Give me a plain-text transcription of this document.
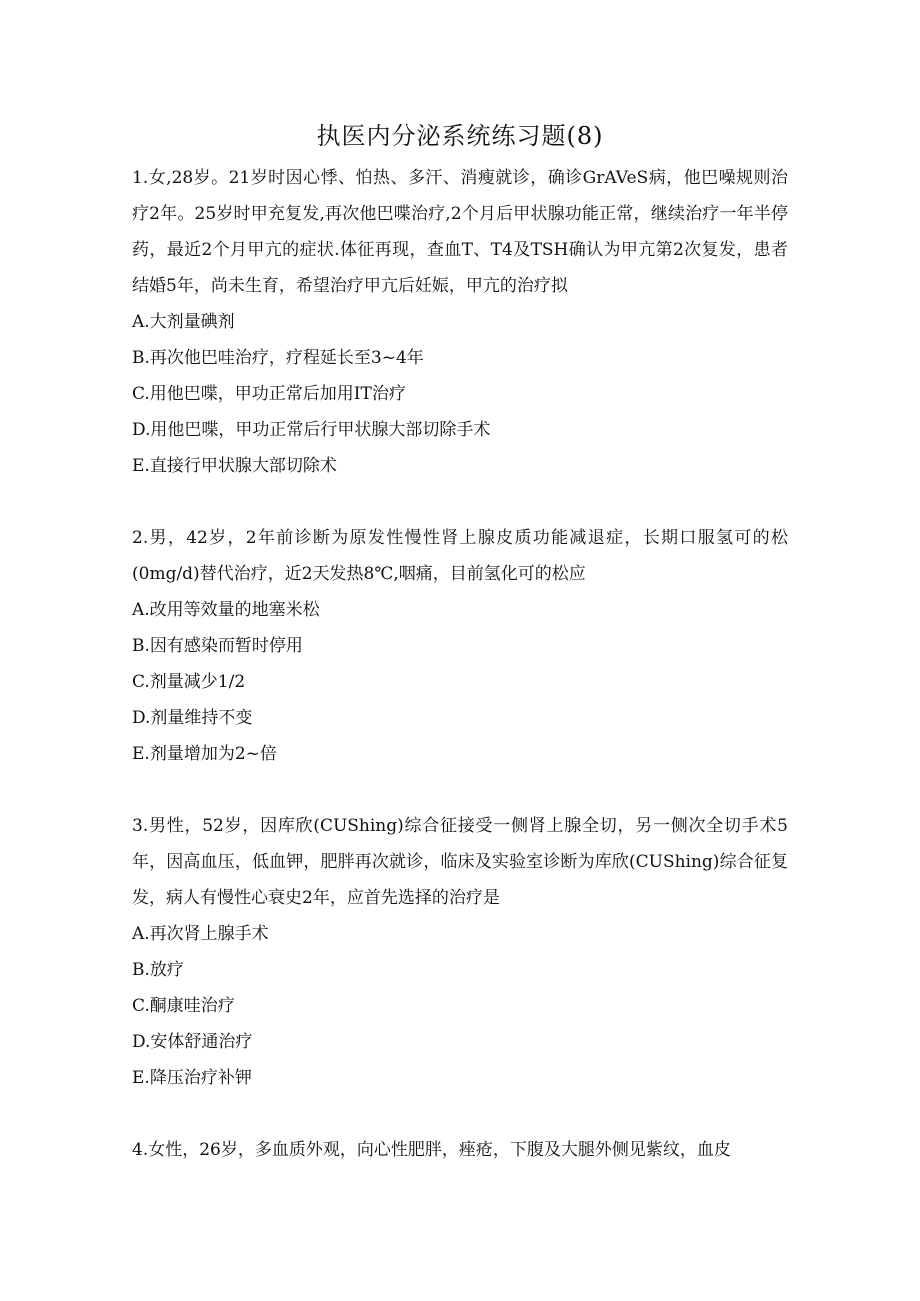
执医内分泌系统练习题(8)

1.女,28岁。21岁时因心悸、怕热、多汗、消瘦就诊，确诊GrAVeS病，他巴噪规则治疗2年。25岁时甲充复发,再次他巴喋治疗,2个月后甲状腺功能正常，继续治疗一年半停药，最近2个月甲亢的症状.体征再现，查血T、T4及TSH确认为甲亢第2次复发，患者结婚5年，尚未生育，希望治疗甲亢后妊娠，甲亢的治疗拟

A.大剂量碘剂

B.再次他巴哇治疗，疗程延长至3~4年

C.用他巴喋，甲功正常后加用IT治疗

D.用他巴喋，甲功正常后行甲状腺大部切除手术

E.直接行甲状腺大部切除术

2.男，42岁，2年前诊断为原发性慢性肾上腺皮质功能减退症，长期口服氢可的松(0mg/d)替代治疗，近2天发热8℃,咽痛，目前氢化可的松应

A.改用等效量的地塞米松

B.因有感染而暂时停用

C.剂量减少1/2

D.剂量维持不变

E.剂量增加为2~倍

3.男性，52岁，因库欣(CUShing)综合征接受一侧肾上腺全切，另一侧次全切手术5年，因高血压，低血钾，肥胖再次就诊，临床及实验室诊断为库欣(CUShing)综合征复发，病人有慢性心衰史2年，应首先选择的治疗是

A.再次肾上腺手术

B.放疗

C.酮康哇治疗

D.安体舒通治疗

E.降压治疗补钾

4.女性，26岁，多血质外观，向心性肥胖，痤疮，下腹及大腿外侧见紫纹，血皮
